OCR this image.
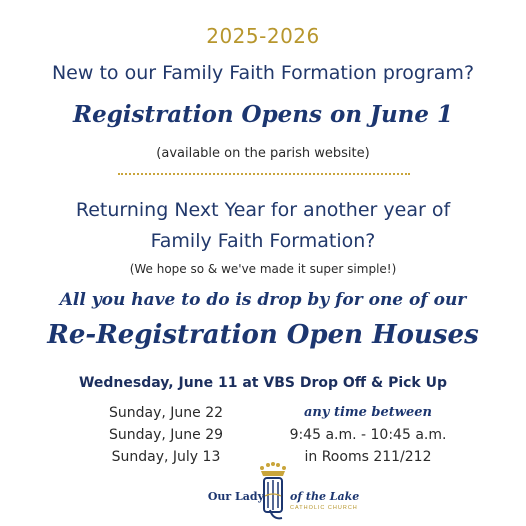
2025-2026
New to our Family Faith Formation program?
Registration Opens on June 1
(available on the parish website)
Returning Next Year for another year of
Family Faith Formation?
(We hope so & we've made it super simple!)
All you have to do is drop by for one of our
Re-Registration Open Houses
Wednesday, June 11 at VBS Drop Off & Pick Up
Sunday, June 22
Sunday, June 29
Sunday, July 13
any time between
9:45 a.m. - 10:45 a.m.
in Rooms 211/212
Our Lady of the Lake
CATHOLIC CHURCH
